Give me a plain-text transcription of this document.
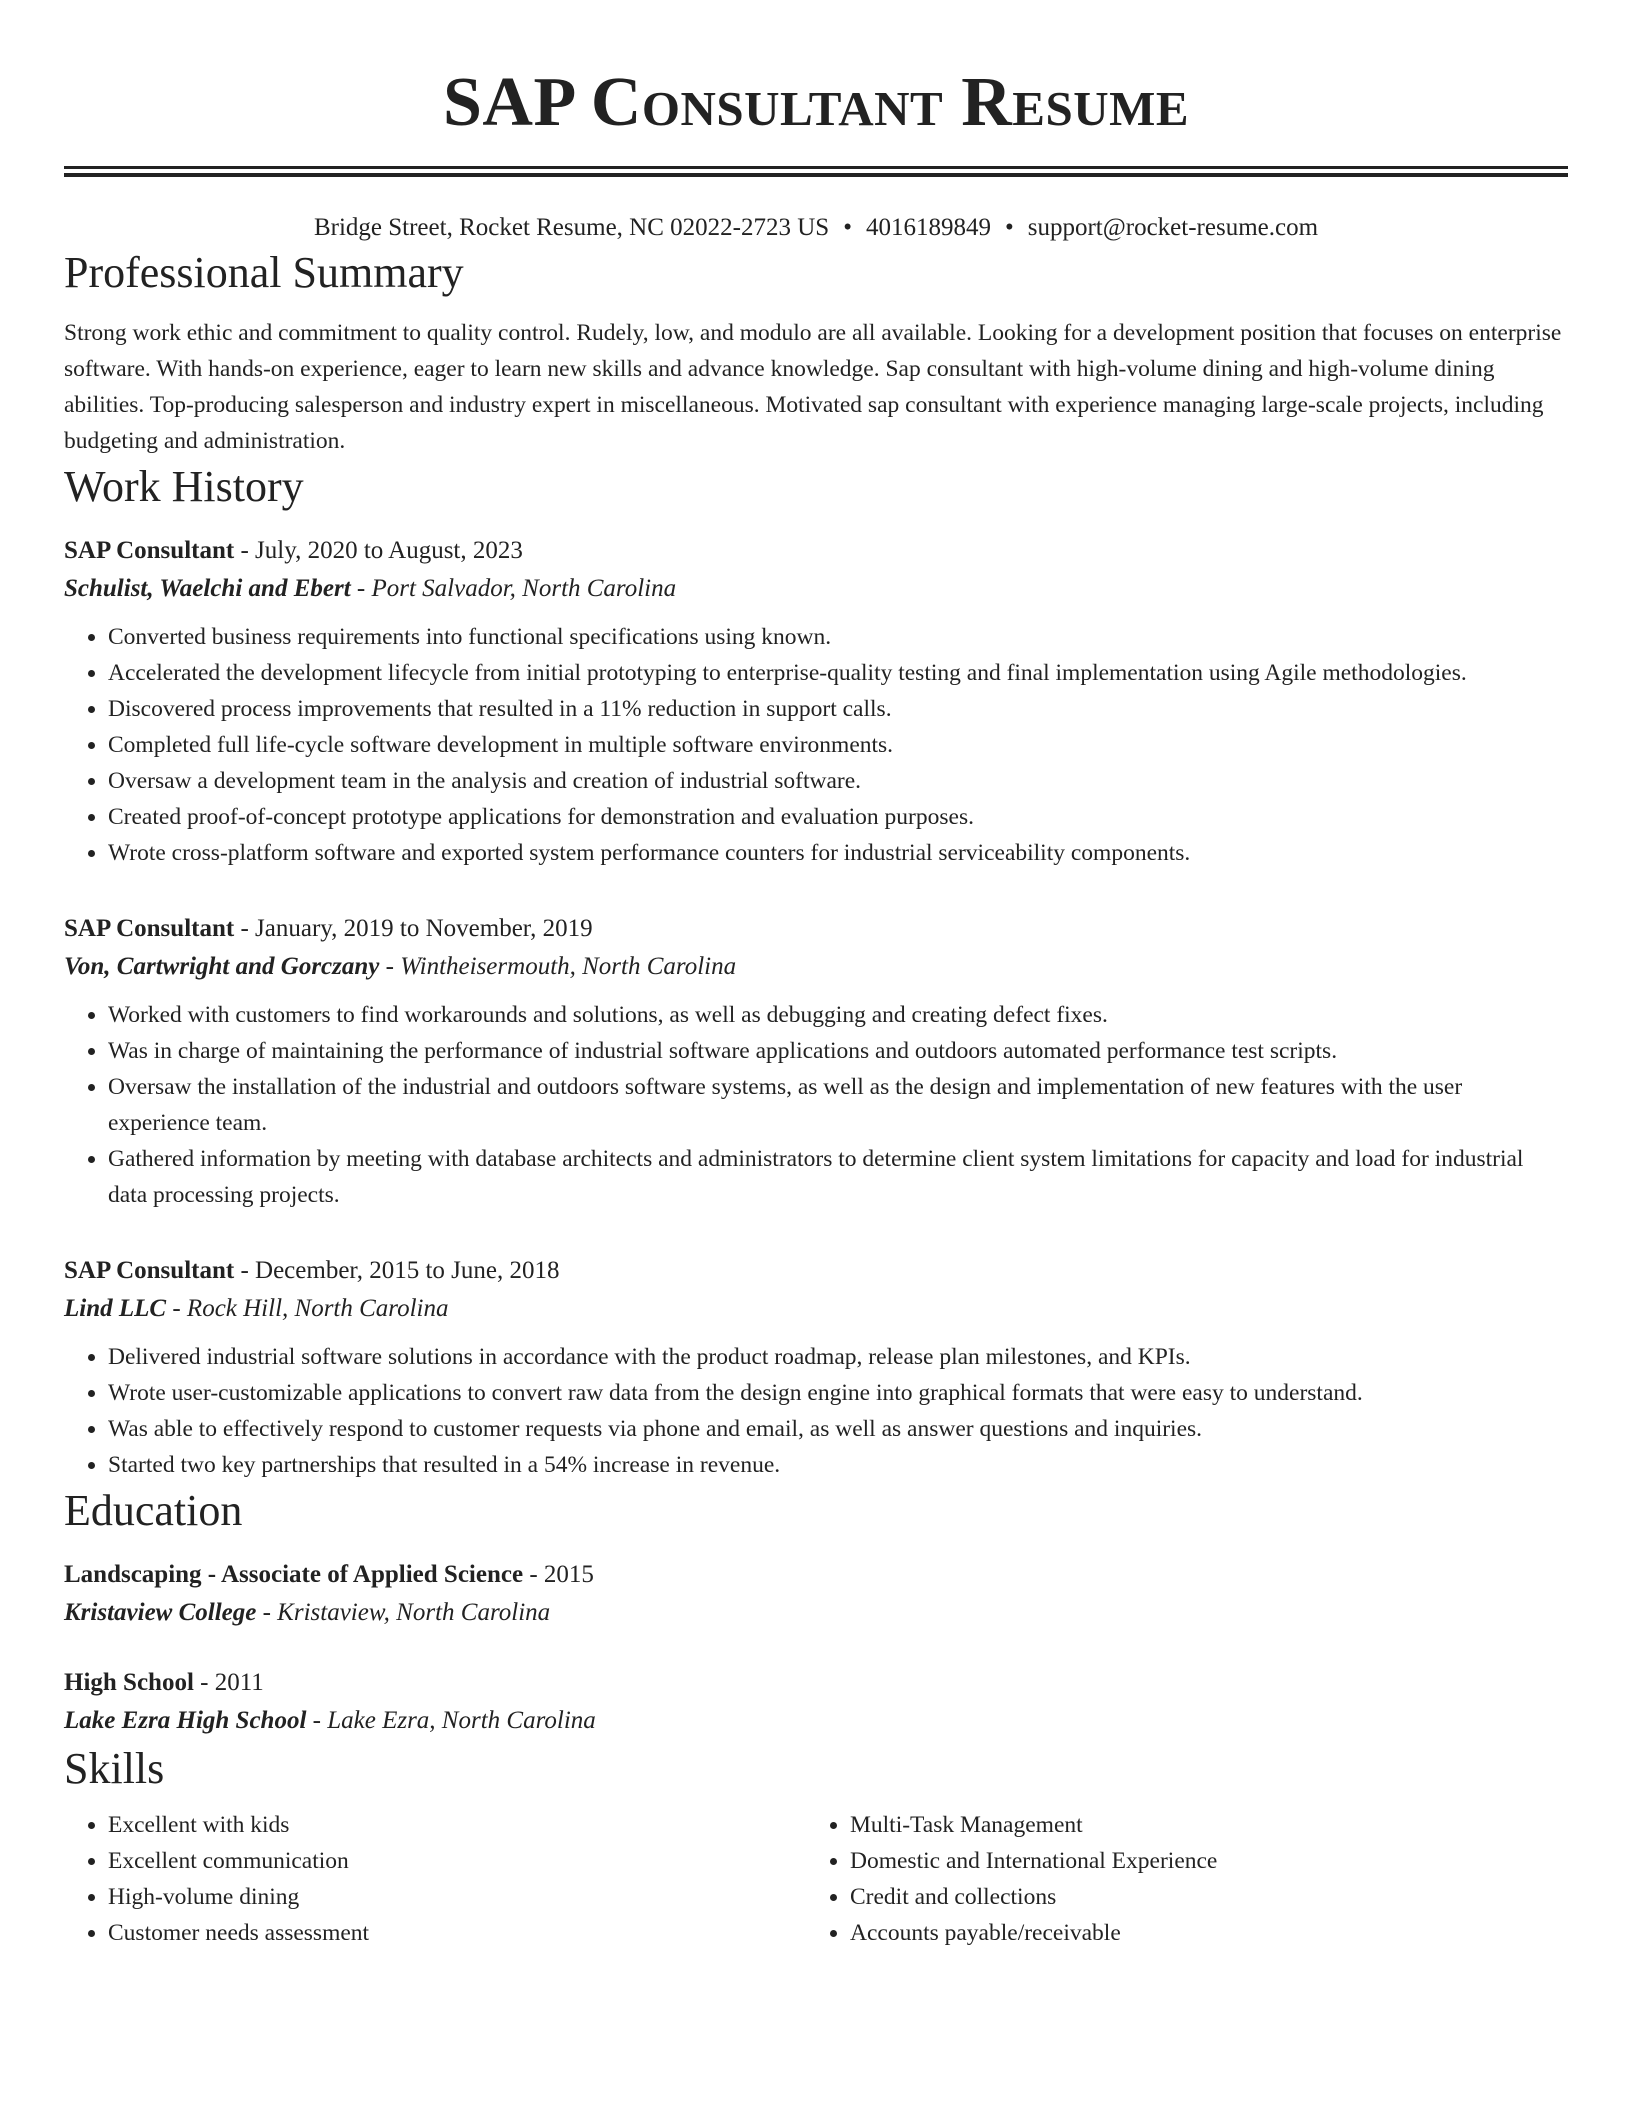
SAP Consultant Resume
Bridge Street, Rocket Resume, NC 02022-2723 US • 4016189849 • support@rocket-resume.com
Professional Summary

Strong work ethic and commitment to quality control. Rudely, low, and modulo are all available. Looking for a development position that focuses on enterprise software. With hands-on experience, eager to learn new skills and advance knowledge. Sap consultant with high-volume dining and high-volume dining abilities. Top-producing salesperson and industry expert in miscellaneous. Motivated sap consultant with experience managing large-scale projects, including budgeting and administration.

Work History
SAP Consultant - July, 2020 to August, 2023
Schulist, Waelchi and Ebert - Port Salvador, North Carolina
• Converted business requirements into functional specifications using known.
• Accelerated the development lifecycle from initial prototyping to enterprise-quality testing and final implementation using Agile methodologies.
• Discovered process improvements that resulted in a 11% reduction in support calls.
• Completed full life-cycle software development in multiple software environments.
• Oversaw a development team in the analysis and creation of industrial software.
• Created proof-of-concept prototype applications for demonstration and evaluation purposes.
• Wrote cross-platform software and exported system performance counters for industrial serviceability components.
SAP Consultant - January, 2019 to November, 2019
Von, Cartwright and Gorczany - Wintheisermouth, North Carolina
• Worked with customers to find workarounds and solutions, as well as debugging and creating defect fixes.
• Was in charge of maintaining the performance of industrial software applications and outdoors automated performance test scripts.
• Oversaw the installation of the industrial and outdoors software systems, as well as the design and implementation of new features with the user experience team.
• Gathered information by meeting with database architects and administrators to determine client system limitations for capacity and load for industrial data processing projects.
SAP Consultant - December, 2015 to June, 2018
Lind LLC - Rock Hill, North Carolina
• Delivered industrial software solutions in accordance with the product roadmap, release plan milestones, and KPIs.
• Wrote user-customizable applications to convert raw data from the design engine into graphical formats that were easy to understand.
• Was able to effectively respond to customer requests via phone and email, as well as answer questions and inquiries.
• Started two key partnerships that resulted in a 54% increase in revenue.
Education
Landscaping - Associate of Applied Science - 2015
Kristaview College - Kristaview, North Carolina
High School - 2011
Lake Ezra High School - Lake Ezra, North Carolina
Skills
• Excellent with kids
• Excellent communication
• High-volume dining
• Customer needs assessment
• Multi-Task Management
• Domestic and International Experience
• Credit and collections
• Accounts payable/receivable
